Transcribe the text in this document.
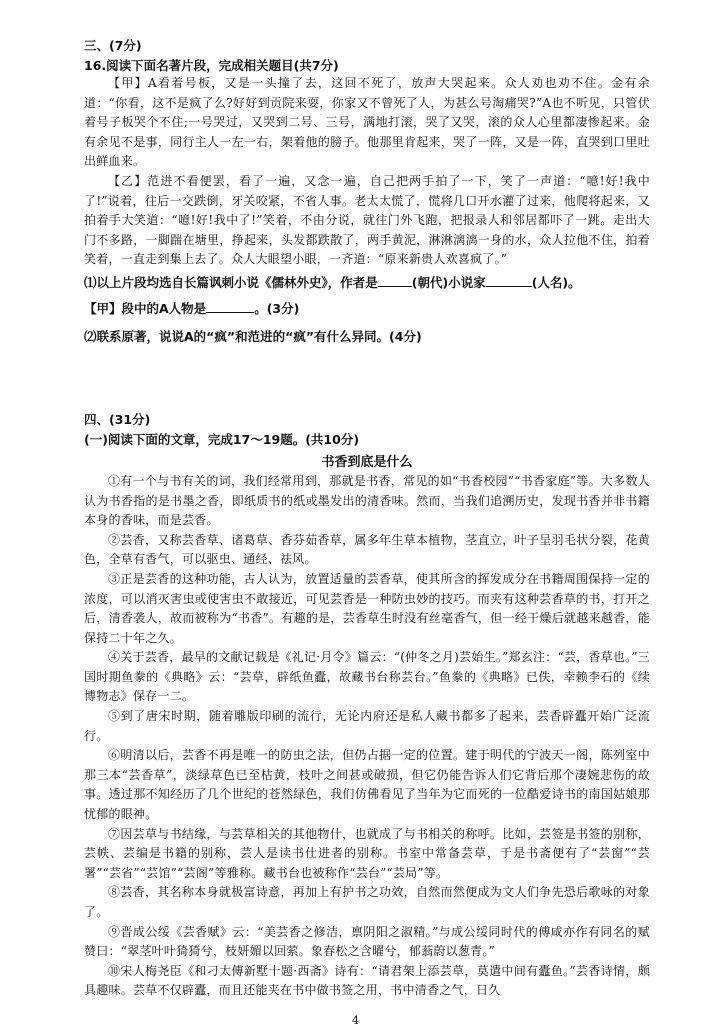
三、(7分)

16.阅读下面名著片段，完成相关题目(共7分)

【甲】A看着号板，又是一头撞了去，这回不死了，放声大哭起来。众人劝也劝不住。金有余道：“你看，这不是疯了么?好好到贡院来耍，你家又不曾死了人，为甚么号淘痛哭?”A也不听见，只管伏着号子板哭个不住;一号哭过，又哭到二号、三号，满地打滚，哭了又哭，滚的众人心里都凄惨起来。金有余见不是事，同行主人一左一右，架着他的膀子。他那里肯起来，哭了一阵，又是一阵，直哭到口里吐出鲜血来。

【乙】范进不看便罢，看了一遍，又念一遍，自己把两手拍了一下，笑了一声道：“噫!好!我中了!”说着，往后一交跌倒，牙关咬紧，不省人事。老太太慌了，慌将几口开水灌了过来，他爬将起来，又拍着手大笑道：“噫!好!我中了!”笑着，不由分说，就往门外飞跑，把报录人和邻居都吓了一跳。走出大门不多路，一脚踹在塘里，挣起来，头发都跌散了，两手黄泥，淋淋漓漓一身的水，众人拉他不住，拍着笑着，一直走到集上去了。众人大眼望小眼，一齐道：“原来新贵人欢喜疯了。”

⑴以上片段均选自长篇讽刺小说《儒林外史》，作者是	(朝代)小说家	(人名)。

【甲】段中的A人物是	。(3分)

⑵联系原著，说说A的“疯”和范进的“疯”有什么异同。(4分)

四、(31分)

(一)阅读下面的文章，完成17～19题。(共10分)

书香到底是什么

①有一个与书有关的词，我们经常用到，那就是书香，常见的如“书香校园”“书香家庭”等。大多数人认为书香指的是书墨之香，即纸质书的纸或墨发出的清香味。然而，当我们追溯历史，发现书香并非书籍本身的香味，而是芸香。

②芸香，又称芸香草、诸葛草、香芬茹香草，属多年生草本植物，茎直立，叶子呈羽毛状分裂，花黄色，全草有香气，可以驱虫、通经、祛风。

③正是芸香的这种功能，古人认为，放置适量的芸香草，使其所含的挥发成分在书籍周围保持一定的浓度，可以消灭害虫或使害虫不敢接近，可见芸香是一种防虫妙的技巧。而夹有这种芸香草的书，打开之后，清香袭人，故而被称为“书香”。有趣的是，芸香草生时没有丝毫香气，但一经干燥后就越来越香，能保持二十年之久。

④关于芸香，最早的文献记载是《礼记·月令》篇云：“(仲冬之月)芸始生。”郑玄注：“芸，香草也。”三国时期鱼豢的《典略》云：“芸草，辟纸鱼蠹，故藏书台称芸台。”鱼豢的《典略》已佚，幸赖李石的《续博物志》保存一二。

⑤到了唐宋时期，随着雕版印刷的流行，无论内府还是私人藏书都多了起来，芸香辟蠹开始广泛流行。

⑥明清以后，芸香不再是唯一的防虫之法，但仍占据一定的位置。建于明代的宁波天一阁，陈列室中那三本“芸香草”，淡绿草色已至枯黄，枝叶之间甚或破损，但它仍能告诉人们它背后那个凄婉悲伤的故事。透过那不知经历了几个世纪的苍然绿色，我们仿佛看见了当年为它而死的一位酷爱诗书的南国姑娘那忧郁的眼神。

⑦因芸草与书结缘，与芸草相关的其他物什，也就成了与书相关的称呼。比如，芸签是书签的别称，芸帙、芸编是书籍的别称，芸人是读书仕进者的别称。书室中常备芸草，于是书斋便有了“芸窗”“芸署”“芸省”“芸馆”“芸阁”等雅称。藏书台也被称作“芸台”“芸局”等。

⑧芸香，其名称本身就极富诗意，再加上有护书之功效，自然而然便成为文人们争先恐后歌咏的对象了。

⑨晋成公绥《芸香赋》云：“美芸香之修洁，禀阴阳之淑精。”与成公绥同时代的傅咸亦作有同名的赋赞曰：“翠茎叶叶猗猗兮，枝妍媚以回萦。象春松之含曜兮，郁蓊蔚以葱青。”

⑩宋人梅尧臣《和刁太傅新墅十题·西斋》诗有：“请君架上添芸草，莫遣中间有蠹鱼。”芸香诗情，颇具趣味。芸草不仅辟蠹，而且还能夹在书中做书签之用，书中清香之气，日久

4
